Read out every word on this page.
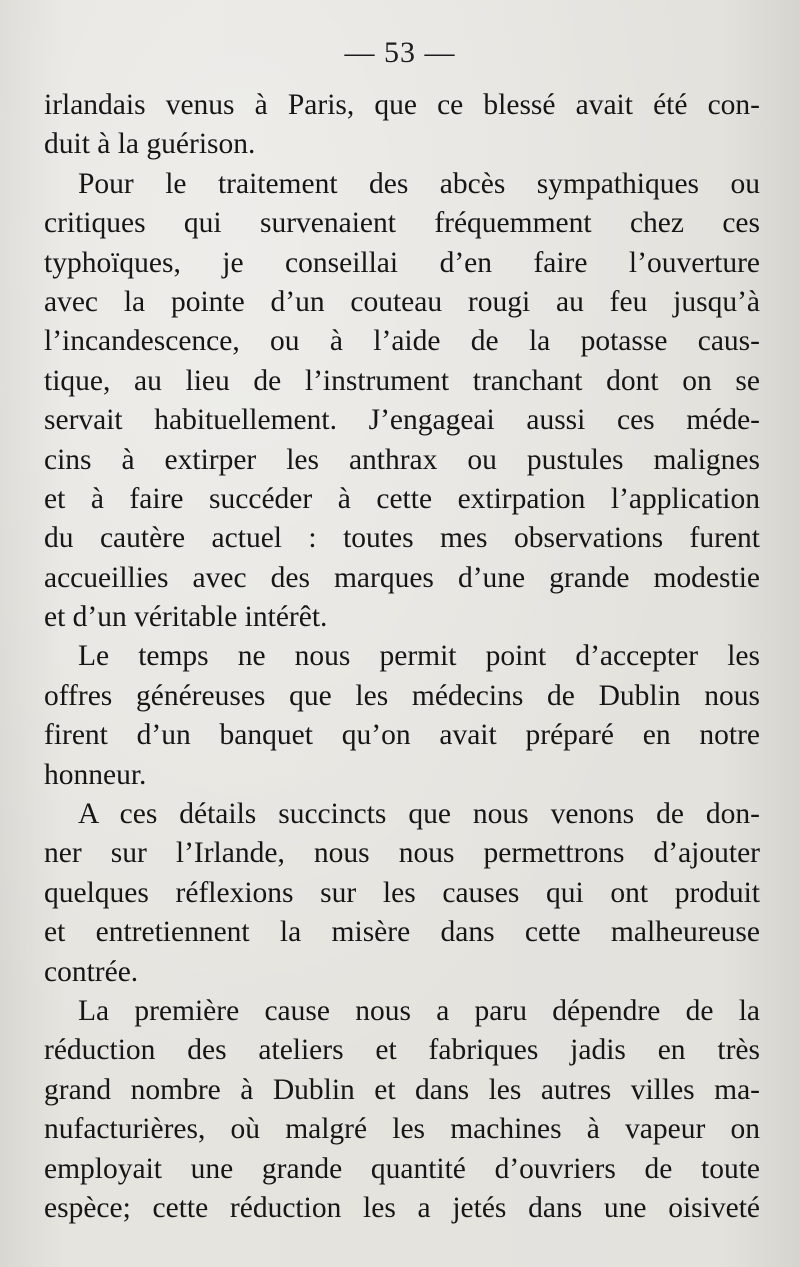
— 53 —
irlandais venus à Paris, que ce blessé avait été con-
duit à la guérison.
Pour le traitement des abcès sympathiques ou
critiques qui survenaient fréquemment chez ces
typhoïques, je conseillai d’en faire l’ouverture
avec la pointe d’un couteau rougi au feu jusqu’à
l’incandescence, ou à l’aide de la potasse caus-
tique, au lieu de l’instrument tranchant dont on se
servait habituellement. J’engageai aussi ces méde-
cins à extirper les anthrax ou pustules malignes
et à faire succéder à cette extirpation l’application
du cautère actuel : toutes mes observations furent
accueillies avec des marques d’une grande modestie
et d’un véritable intérêt.
Le temps ne nous permit point d’accepter les
offres généreuses que les médecins de Dublin nous
firent d’un banquet qu’on avait préparé en notre
honneur.
A ces détails succincts que nous venons de don-
ner sur l’Irlande, nous nous permettrons d’ajouter
quelques réflexions sur les causes qui ont produit
et entretiennent la misère dans cette malheureuse
contrée.
La première cause nous a paru dépendre de la
réduction des ateliers et fabriques jadis en très
grand nombre à Dublin et dans les autres villes ma-
nufacturières, où malgré les machines à vapeur on
employait une grande quantité d’ouvriers de toute
espèce; cette réduction les a jetés dans une oisiveté
